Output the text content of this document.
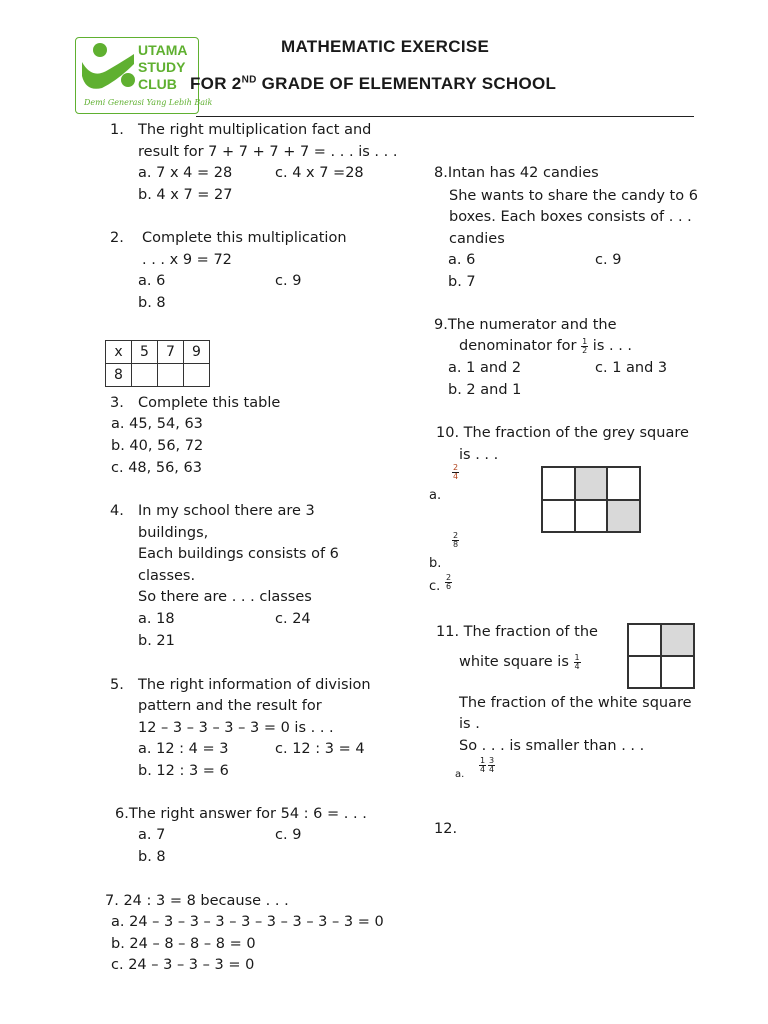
UTAMA
STUDY
CLUB
Demi Generasi Yang Lebih Baik
MATHEMATIC EXERCISE
FOR 2ND GRADE OF ELEMENTARY SCHOOL
1. The right multiplication fact and
result for 7 + 7 + 7 + 7 = . . . is . . .
a. 7 x 4 = 28	c. 4 x 7 =28
b. 4 x 7 = 27
2. Complete this multiplication
. . . x 9 = 72
a. 6	c. 9
b. 8
x	5	7	9
8			
3. Complete this table
a. 45, 54, 63
b. 40, 56, 72
c. 48, 56, 63
4. In my school there are 3
buildings,
Each buildings consists of 6
classes.
So there are . . . classes
a. 18	c. 24
b. 21
5. The right information of division
pattern and the result for
12 – 3 – 3 – 3 – 3 = 0 is . . .
a. 12 : 4 = 3	c. 12 : 3 = 4
b. 12 : 3 = 6
6.The right answer for 54 : 6 = . . .
a. 7	c. 9
b. 8
7. 24 : 3 = 8 because . . .
a. 24 – 3 – 3 – 3 – 3 – 3 – 3 – 3 – 3 = 0
b. 24 – 8 – 8 – 8 = 0
c. 24 – 3 – 3 – 3 = 0
8.Intan has 42 candies
She wants to share the candy to 6
boxes. Each boxes consists of . . .
candies
a. 6	c. 9
b. 7
9.The numerator and the
denominator for $\frac{1}{2}$ is . . .
a. 1 and 2	c. 1 and 3
b. 2 and 1
10. The fraction of the grey square
is . . .
$\frac{2}{4}$
a.
$\frac{2}{8}$
b.
c. $\frac{2}{6}$
11. The fraction of the
white square is $\frac{1}{4}$
The fraction of the white square
is .
So . . . is smaller than . . .
a.
$\frac{1}{4} \frac{3}{4}$
12.
